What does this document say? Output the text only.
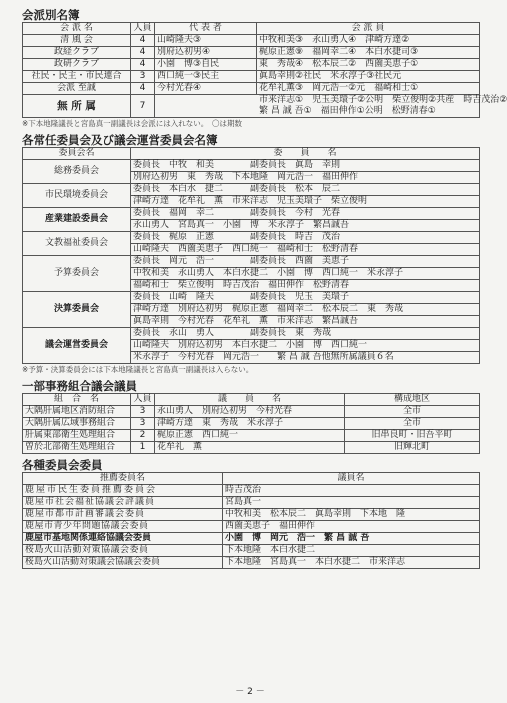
会派別名簿
会 派 名	人員	代 表 者	会 派 員
清 風 会	4	山崎隆夫③	中牧和美③　永山勇人④　津崎方達②
政経クラブ	4	別府込初男④	梶原正憲⑨　福岡幸二④　本白水捷司③
政研クラブ	4	小園　博③自民	東　秀哉④　松本辰二②　西薗美恵子①
社民・民主・市民連合	3	西口純一③民主	眞島幸則②社民　米永淳子③社民元
会派 至誠	4	今村光春④	花牟礼薫③　岡元浩一②元　福崎和士①
無 所 属	7	市来洋志①　児玉美環子②公明　柴立俊明②共産　時吉茂治②	
		繁 昌 誠 吾①　福田伸作①公明　松野清春①	
※下本地隆議長と宮島真一副議長は会派には入れない。　〇は期数
各常任委員会及び議会運営委員会名簿
委員会名	委　　員　　名
総務委員会	委員長　中牧　和美　　　　副委員長　眞島　幸則
	別府込初男　東　秀哉　下本地隆　岡元浩一　福田伸作
市民環境委員会	委員長　本白水　捷二　　　副委員長　松本　辰二
	津崎方達　花牟礼　薫　市来洋志　児玉美環子　柴立俊明
産業建設委員会	委員長　福岡　幸二　　　　副委員長　今村　光春
	永山勇人　宮島真一　小園　博　米永淳子　繁昌誠吾
文教福祉委員会	委員長　梶原　正憲　　　　副委員長　時吉　茂治
	山崎隆夫　西薗美恵子　西口純一　福崎和士　松野清春
予算委員会	委員長　岡元　浩一　　　　副委員長　西薗　美恵子
	中牧和美　永山勇人　本白水捷二　小園　博　西口純一　米永淳子
	福崎和士　柴立俊明　時吉茂治　福田伸作　松野清春
決算委員会	委員長　山崎　隆夫　　　　副委員長　児玉　美環子
	津崎方達　別府込初男　梶原正憲　福岡幸二　松本辰二　東　秀哉
	眞島幸則　今村光春　花牟礼　薫　市来洋志　繁昌誠吾
議会運営委員会	委員長　永山　勇人　　　　副委員長　東　秀哉
	山崎隆夫　別府込初男　本白水捷二　小園　博　西口純一
	米永淳子　今村光春　岡元浩一　　繁 昌 誠 吾他無所属議員６名
※予算・決算委員会には下本地隆議長と宮島真一副議長は入らない。
一部事務組合議会議員
組　合　名	人員	議　　員　　名	構成地区
大隅肝属地区消防組合	3	永山勇人　別府込初男　今村光春	全市
大隅肝属広域事務組合	3	津崎方達　東　秀哉　米永淳子	全市
肝属東部衛生処理組合	2	梶原正憲　西口純一	旧串良町・旧吾平町
曽於北部衛生処理組合	1	花牟礼　薫	旧輝北町
各種委員会委員
推薦委員名	議員名
鹿屋市民生委員推薦委員会	時吉茂治
鹿屋市社会福祉協議会評議員	宮島真一
鹿屋市都市計画審議会委員	中牧和美　松本辰二　眞島幸則　下本地　隆
鹿屋市青少年問題協議会委員	西薗美恵子　福田伸作
鹿屋市基地関係連絡協議会委員	小園　博　岡元　浩一　繁 昌 誠 吾
桜島火山活動対策協議会委員	下本地隆　本白水捷二
桜島火山活動対策議会協議会委員	下本地隆　宮島真一　本白水捷二　市来洋志
－ 2 －
